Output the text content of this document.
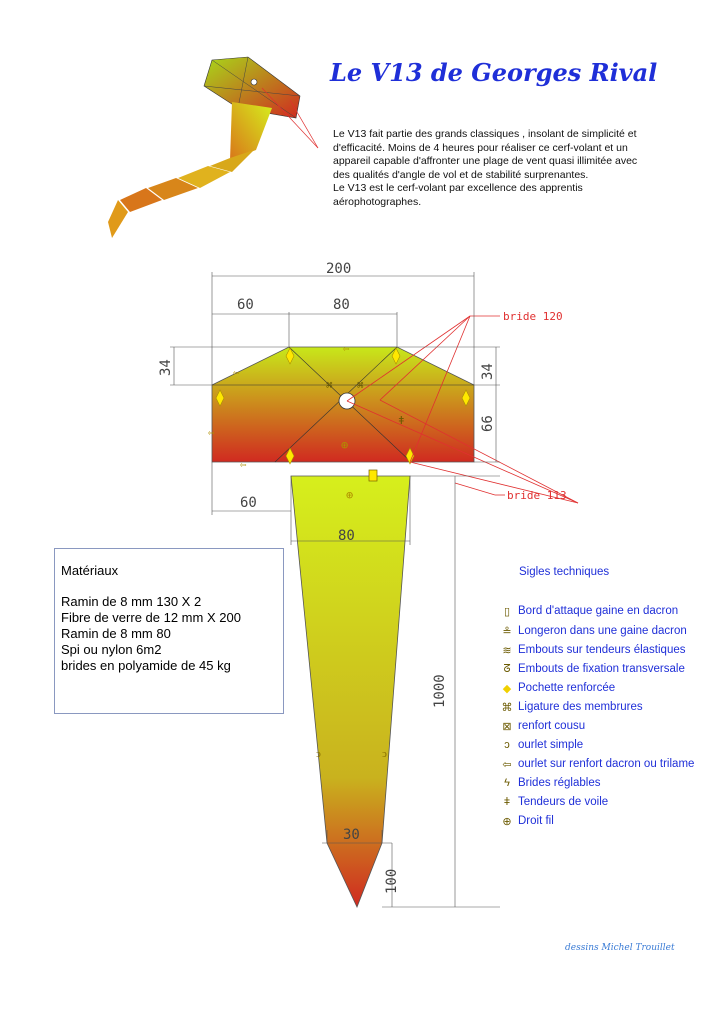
Le V13 de Georges Rival

Le V13 fait partie des grands classiques , insolant de simplicité et d'efficacité. Moins de 4 heures pour réaliser ce cerf-volant et un appareil capable d'affronter une plage de vent quasi illimitée avec des qualités d'angle de vol et de stabilité surprenantes.

Le V13 est le cerf-volant par excellence des apprentis aérophotographes.

⌘ ⌘
⊕
⊕
ǂ
⇦
⇦
⇦
⇦
ↄ	ↄ
bride 120
bride 113
200
60	80
34	34
66
60
80
1000
30
100
Matériaux
Ramin de 8 mm 130 X 2
Fibre de verre de 12 mm X 200
Ramin de 8 mm 80
Spi ou nylon 6m2
brides en polyamide de 45 kg
Sigles techniques
▯ Bord d'attaque gaine en dacron
≗ Longeron dans une gaine dacron
≋ Embouts sur tendeurs élastiques
ᘔ Embouts de fixation transversale
◆ Pochette renforcée
⌘ Ligature des membrures
⊠ renfort cousu
ↄ ourlet simple
⇦ ourlet sur renfort dacron ou trilame
ϟ Brides réglables
ǂ Tendeurs de voile
⊕ Droit fil
dessins Michel Trouillet
